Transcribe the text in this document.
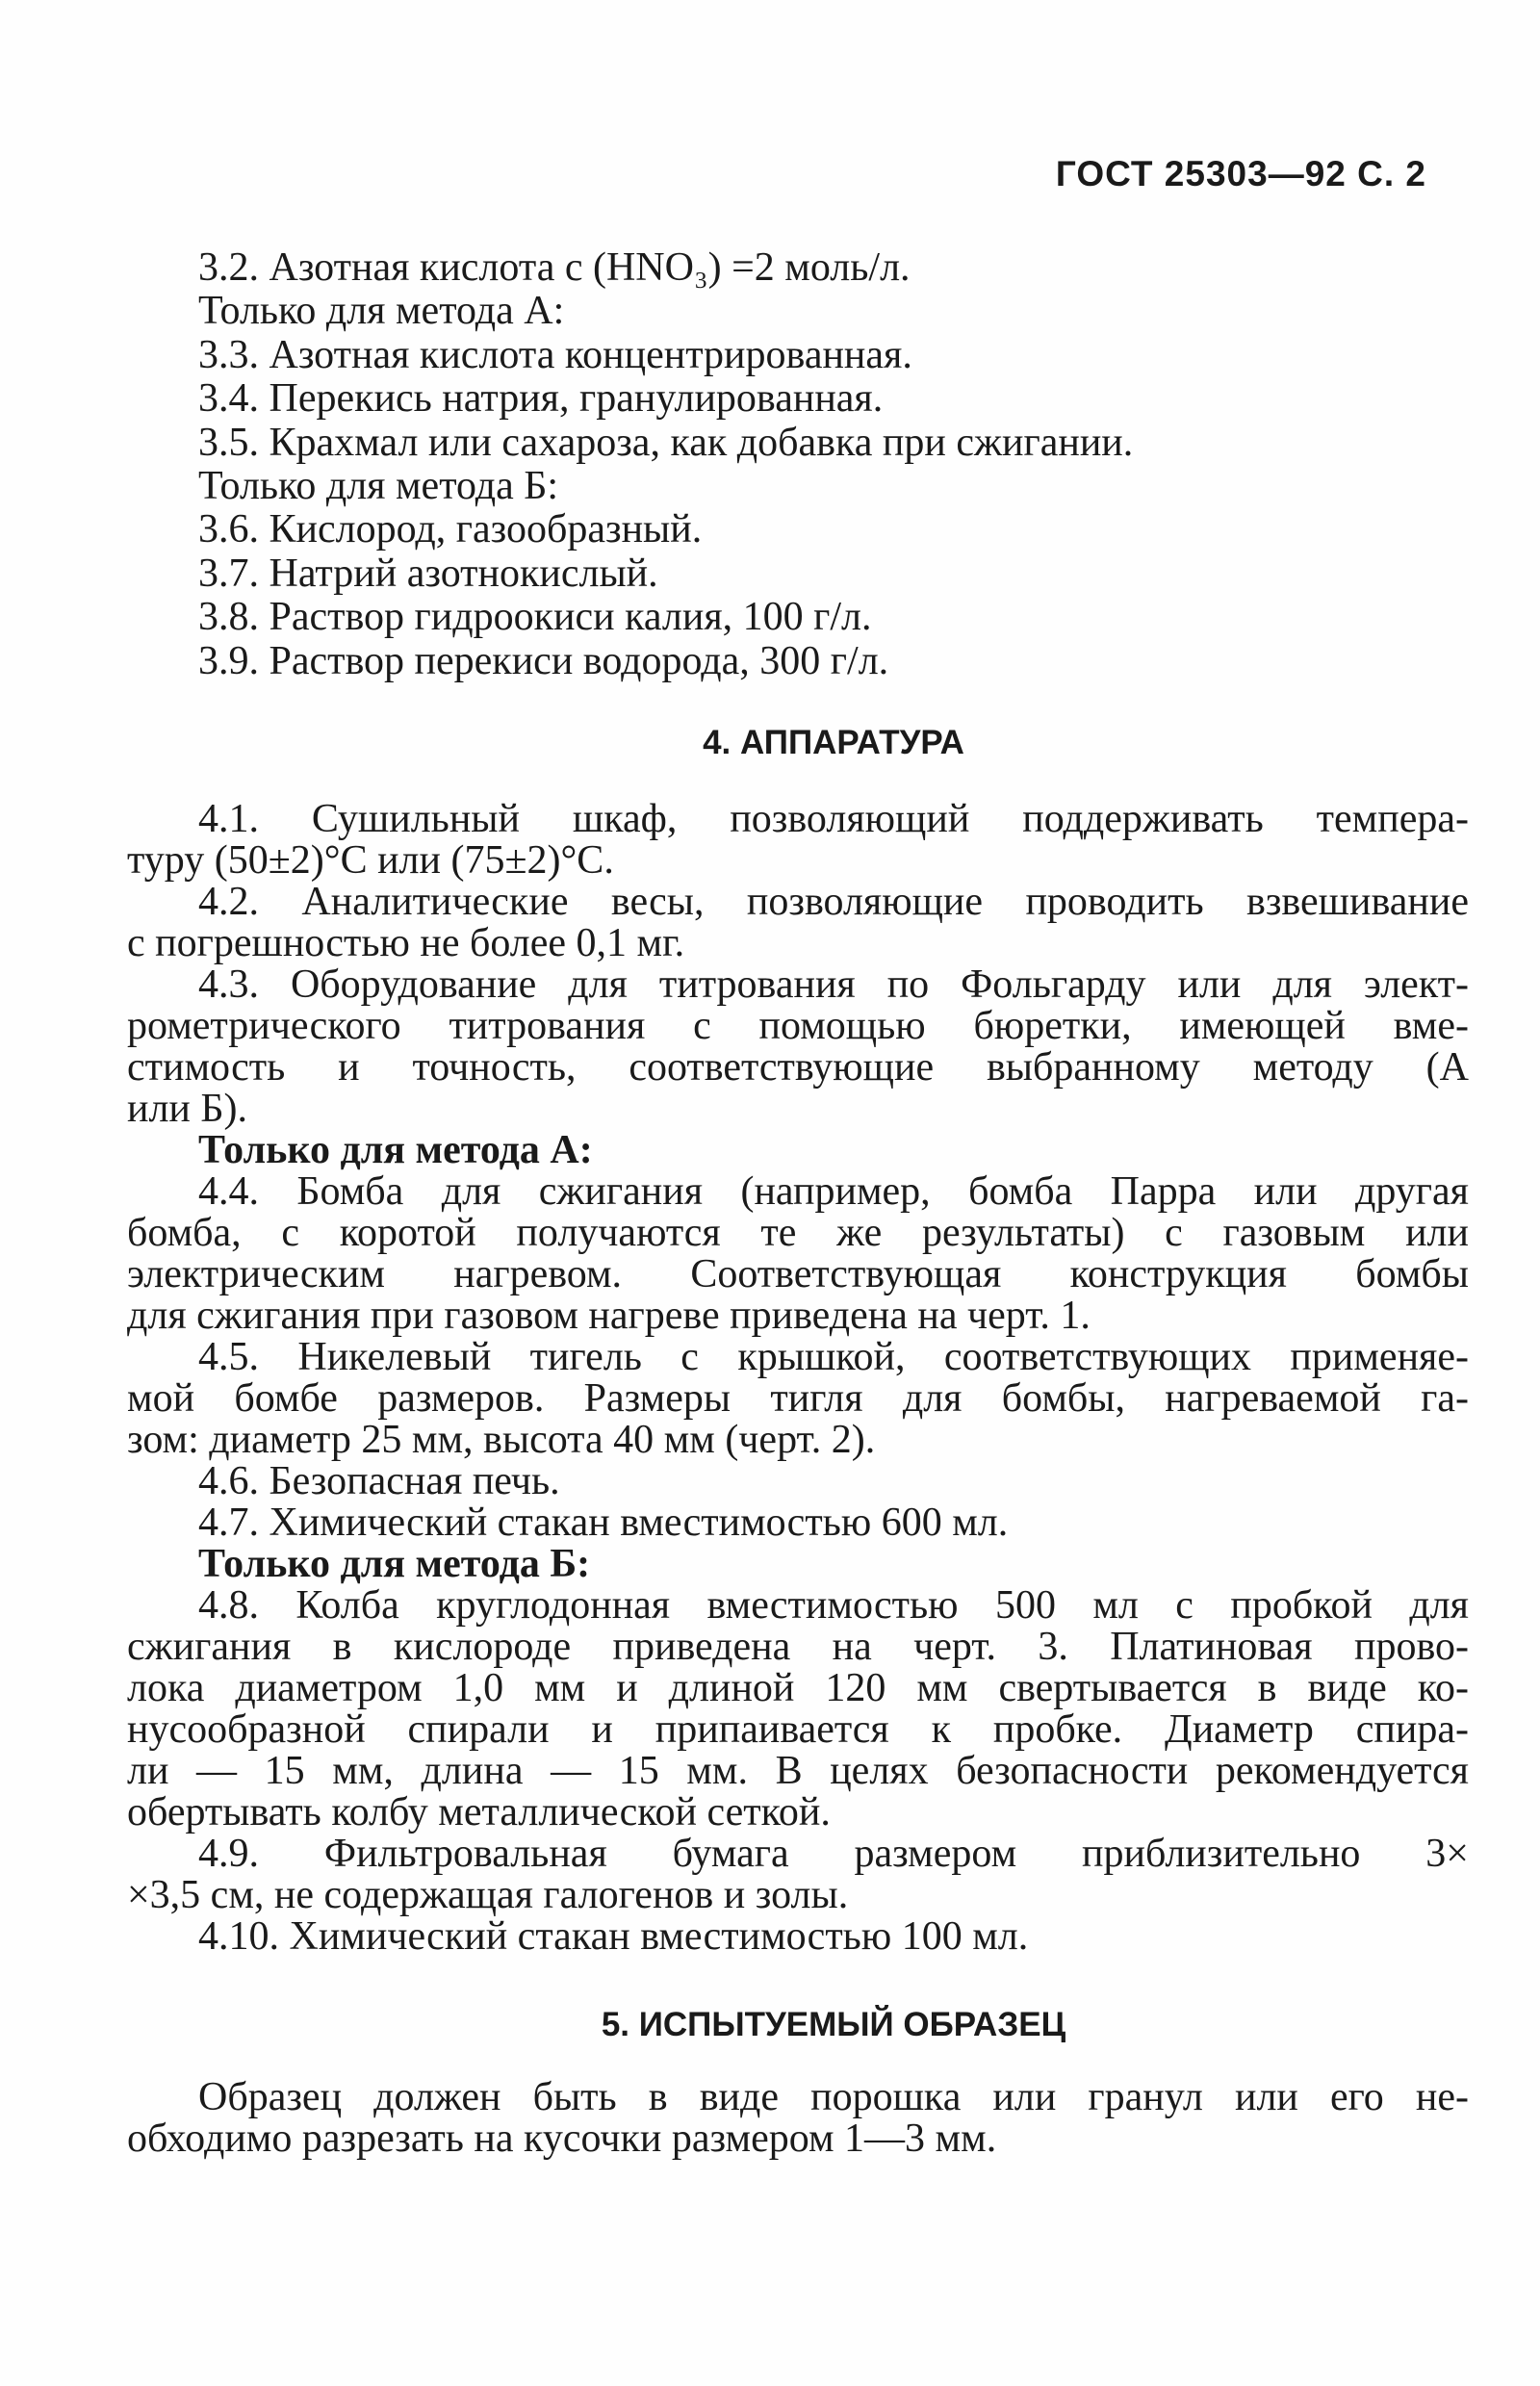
ГОСТ 25303—92 С. 2
3.2. Азотная кислота c (HNO₃) =2 моль/л.
Только для метода А:
3.3. Азотная кислота концентрированная.
3.4. Перекись натрия, гранулированная.
3.5. Крахмал или сахароза, как добавка при сжигании.
Только для метода Б:
3.6. Кислород, газообразный.
3.7. Натрий азотнокислый.
3.8. Раствор гидроокиси калия, 100 г/л.
3.9. Раствор перекиси водорода, 300 г/л.
4. АППАРАТУРА
4.1. Сушильный шкаф, позволяющий поддерживать темпера-
туру (50±2)°С или (75±2)°С.
4.2. Аналитические весы, позволяющие проводить взвешивание
с погрешностью не более 0,1 мг.
4.3. Оборудование для титрования по Фольгарду или для элект-
рометрического титрования с помощью бюретки, имеющей вме-
стимость и точность, соответствующие выбранному методу (А
или Б).
Только для метода А:
4.4. Бомба для сжигания (например, бомба Парра или другая
бомба, с коротой получаются те же результаты) с газовым или
электрическим нагревом. Соответствующая конструкция бомбы
для сжигания при газовом нагреве приведена на черт. 1.
4.5. Никелевый тигель с крышкой, соответствующих применяе-
мой бомбе размеров. Размеры тигля для бомбы, нагреваемой га-
зом: диаметр 25 мм, высота 40 мм (черт. 2).
4.6. Безопасная печь.
4.7. Химический стакан вместимостью 600 мл.
Только для метода Б:
4.8. Колба круглодонная вместимостью 500 мл с пробкой для
сжигания в кислороде приведена на черт. 3. Платиновая прово-
лока диаметром 1,0 мм и длиной 120 мм свертывается в виде ко-
нусообразной спирали и припаивается к пробке. Диаметр спира-
ли — 15 мм, длина — 15 мм. В целях безопасности рекомендуется
обертывать колбу металлической сеткой.
4.9. Фильтровальная бумага размером приблизительно 3×
×3,5 см, не содержащая галогенов и золы.
4.10. Химический стакан вместимостью 100 мл.
5. ИСПЫТУЕМЫЙ ОБРАЗЕЦ
Образец должен быть в виде порошка или гранул или его не-
обходимо разрезать на кусочки размером 1—3 мм.
